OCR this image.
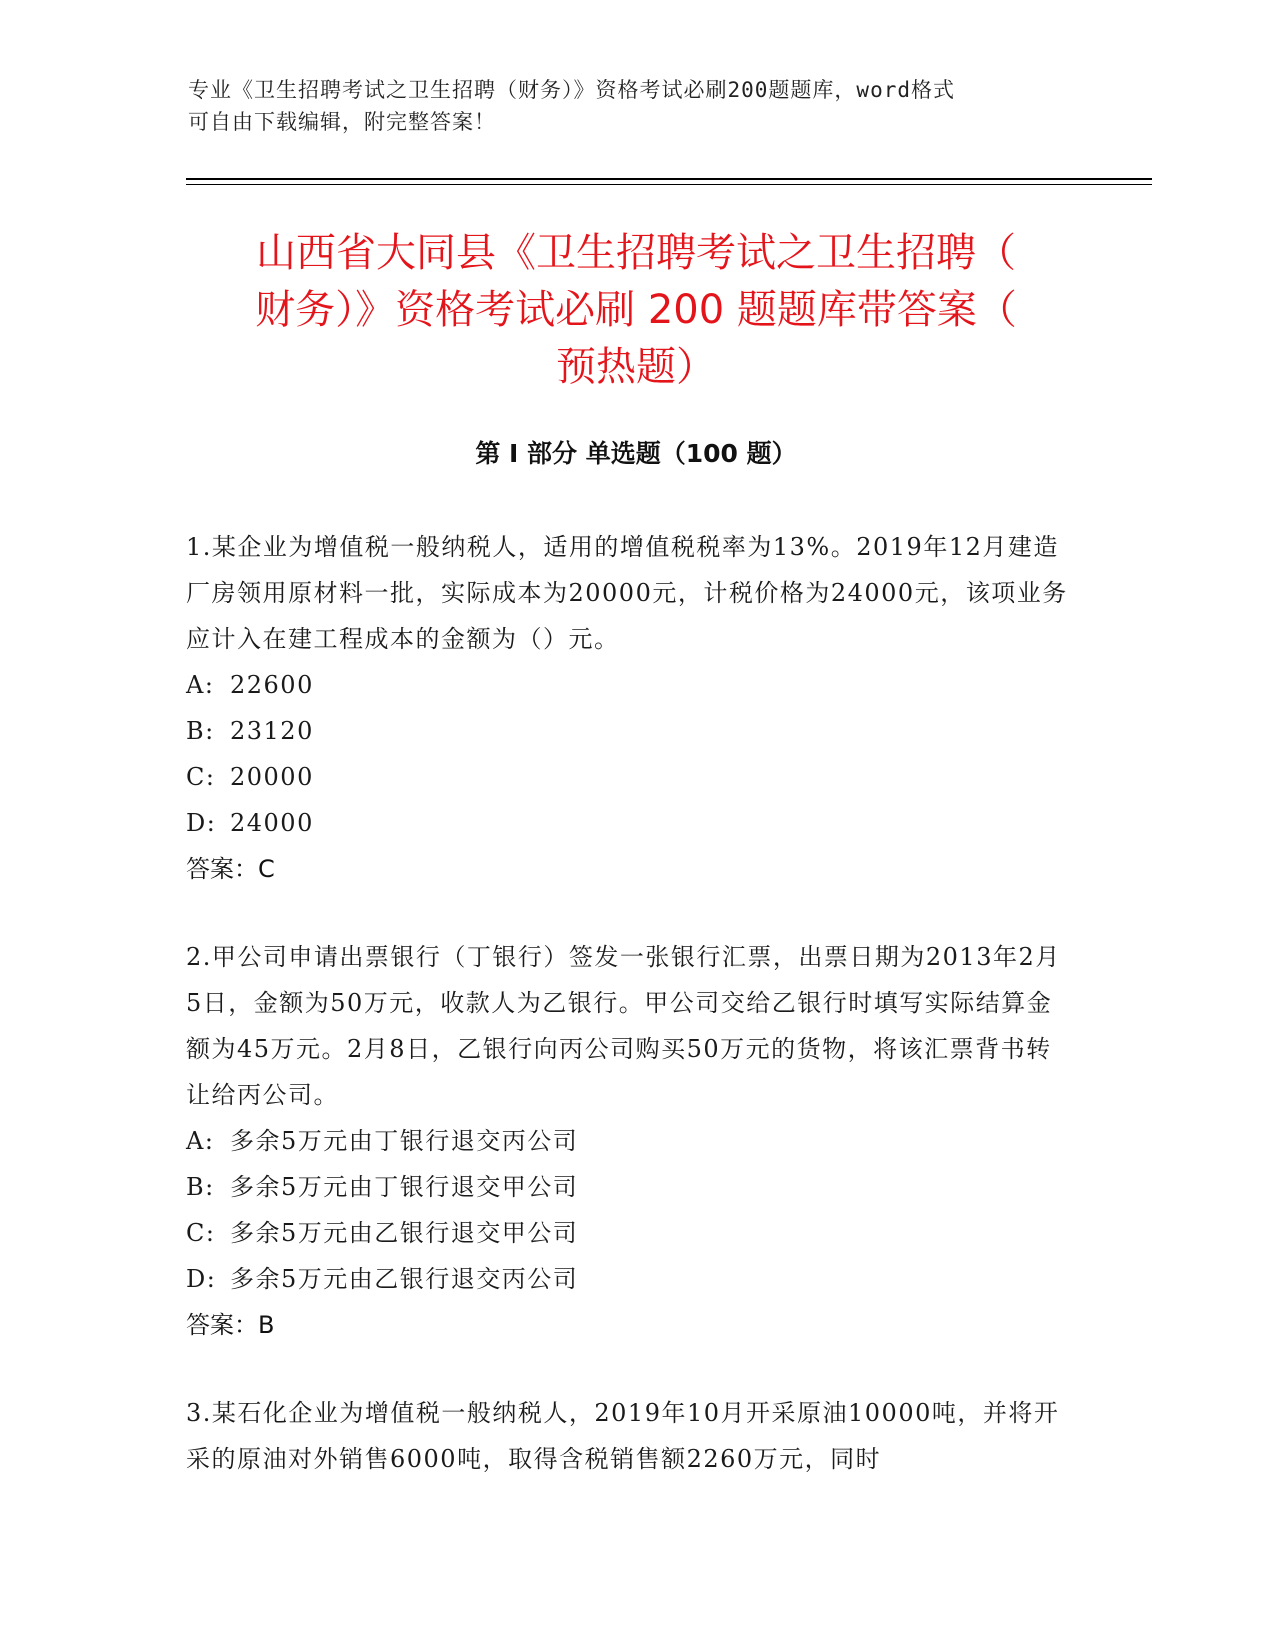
专业《卫生招聘考试之卫生招聘（财务）》资格考试必刷200题题库，word格式
可自由下载编辑，附完整答案！
山西省大同县《卫生招聘考试之卫生招聘（
财务）》资格考试必刷 200 题题库带答案（
预热题）
第 I 部分 单选题（100 题）

1.某企业为增值税一般纳税人，适用的增值税税率为13%。2019年12月建造厂房领用原材料一批，实际成本为20000元，计税价格为24000元，该项业务应计入在建工程成本的金额为（）元。

A: 22600

B: 23120

C: 20000

D: 24000

答案：C

2.甲公司申请出票银行（丁银行）签发一张银行汇票，出票日期为2013年2月5日，金额为50万元，收款人为乙银行。甲公司交给乙银行时填写实际结算金额为45万元。2月8日，乙银行向丙公司购买50万元的货物，将该汇票背书转让给丙公司。

A: 多余5万元由丁银行退交丙公司

B: 多余5万元由丁银行退交甲公司

C: 多余5万元由乙银行退交甲公司

D: 多余5万元由乙银行退交丙公司

答案：B

3.某石化企业为增值税一般纳税人，2019年10月开采原油10000吨，并将开采的原油对外销售6000吨，取得含税销售额2260万元，同时
